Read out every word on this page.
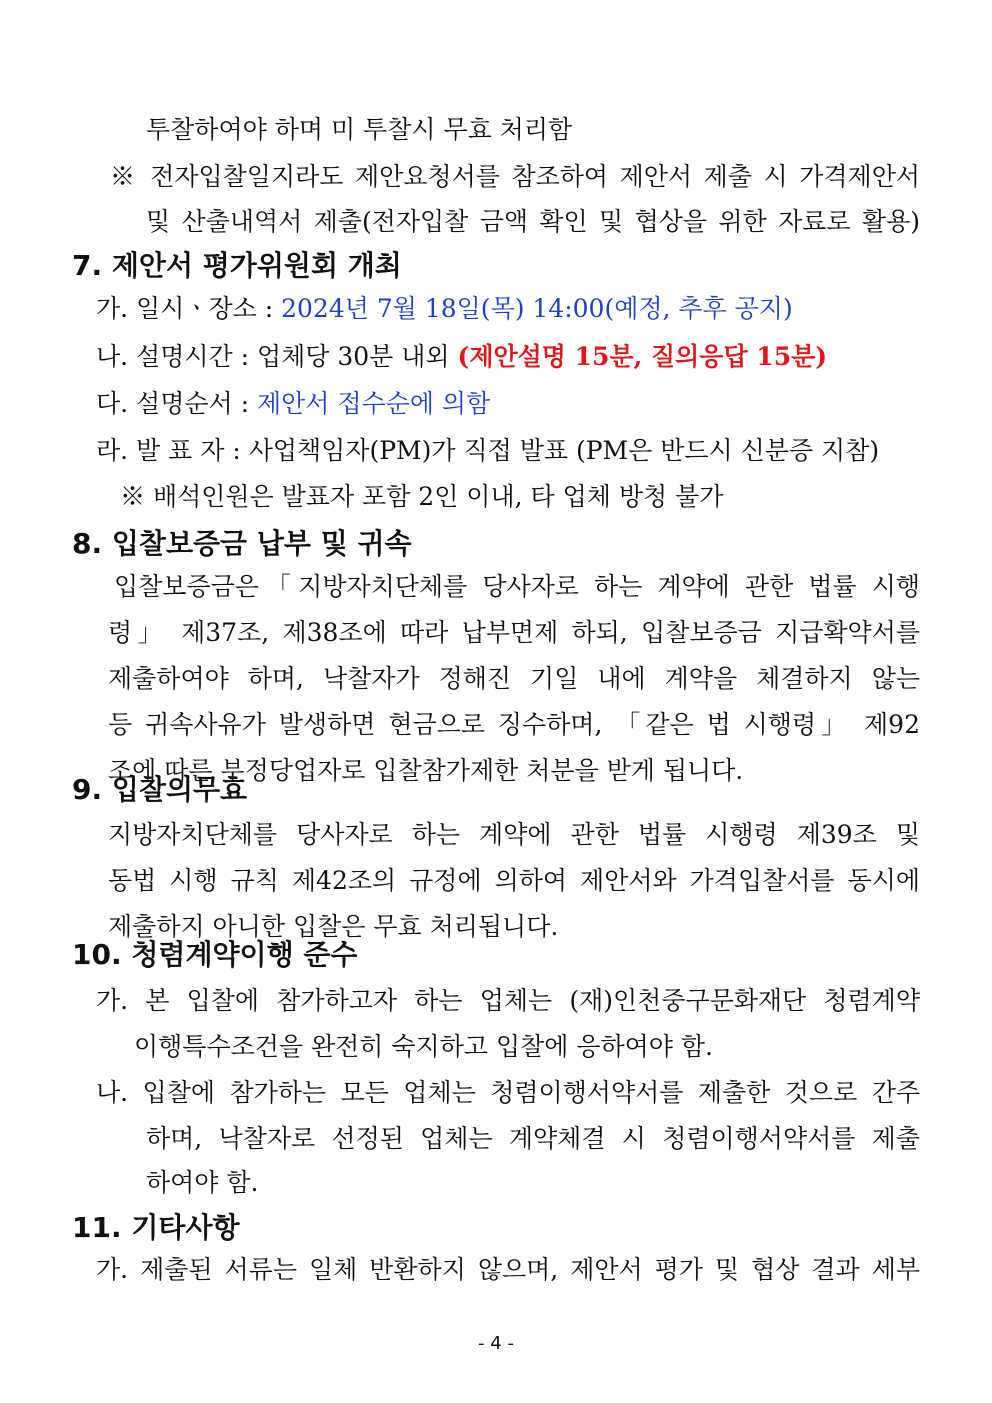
투찰하여야 하며 미 투찰시 무효 처리함
※ 전자입찰일지라도 제안요청서를 참조하여 제안서 제출 시 가격제안서
및 산출내역서 제출(전자입찰 금액 확인 및 협상을 위한 자료로 활용)
7. 제안서 평가위원회 개최
가. 일시ㆍ장소 : 2024년 7월 18일(목) 14:00(예정, 추후 공지)
나. 설명시간 : 업체당 30분 내외 (제안설명 15분, 질의응답 15분)
다. 설명순서 : 제안서 접수순에 의함
라. 발 표 자 : 사업책임자(PM)가 직접 발표 (PM은 반드시 신분증 지참)
※ 배석인원은 발표자 포함 2인 이내, 타 업체 방청 불가
8. 입찰보증금 납부 및 귀속
입찰보증금은「지방자치단체를 당사자로 하는 계약에 관한 법률 시행
령」 제37조, 제38조에 따라 납부면제 하되, 입찰보증금 지급확약서를
제출하여야 하며, 낙찰자가 정해진 기일 내에 계약을 체결하지 않는
등 귀속사유가 발생하면 현금으로 징수하며, 「같은 법 시행령」 제92
조에 따른 부정당업자로 입찰참가제한 처분을 받게 됩니다.
9. 입찰의무효
지방자치단체를 당사자로 하는 계약에 관한 법률 시행령 제39조 및
동법 시행 규칙 제42조의 규정에 의하여 제안서와 가격입찰서를 동시에
제출하지 아니한 입찰은 무효 처리됩니다.
10. 청렴계약이행 준수
가. 본 입찰에 참가하고자 하는 업체는 (재)인천중구문화재단 청렴계약
이행특수조건을 완전히 숙지하고 입찰에 응하여야 함.
나. 입찰에 참가하는 모든 업체는 청렴이행서약서를 제출한 것으로 간주
하며, 낙찰자로 선정된 업체는 계약체결 시 청렴이행서약서를 제출
하여야 함.
11. 기타사항
가. 제출된 서류는 일체 반환하지 않으며, 제안서 평가 및 협상 결과 세부
- 4 -
